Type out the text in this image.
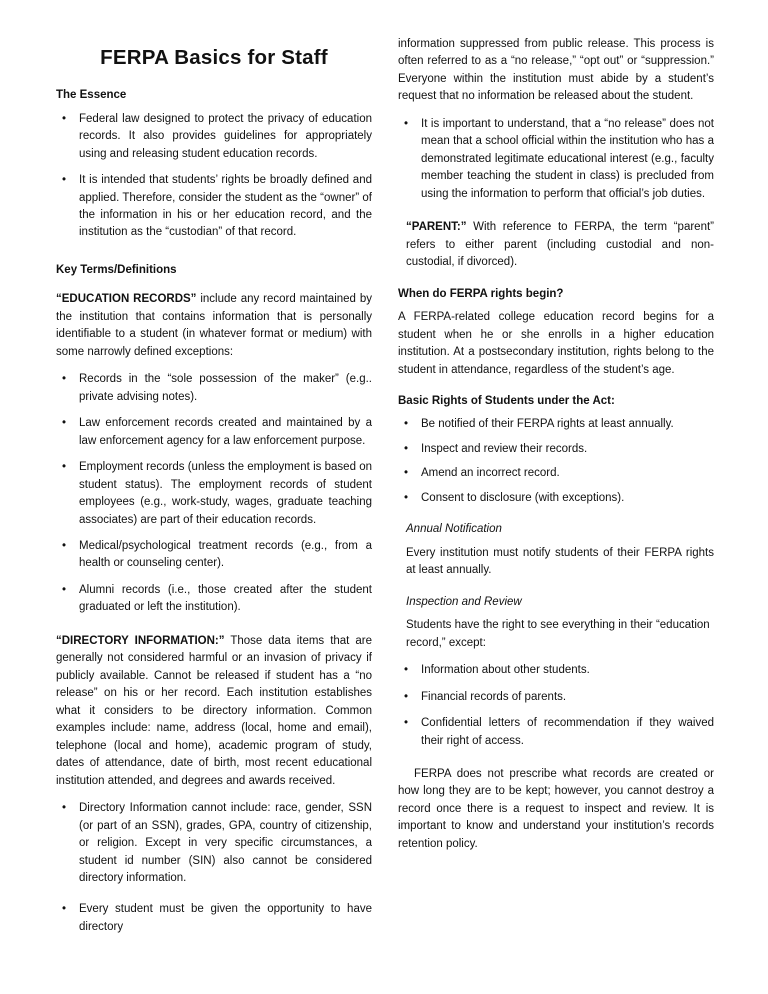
FERPA Basics for Staff
The Essence
• Federal law designed to protect the privacy of education records. It also provides guidelines for appropriately using and releasing student education records.
• It is intended that students’ rights be broadly defined and applied. Therefore, consider the student as the “owner” of the information in his or her education record, and the institution as the “custodian” of that record.
Key Terms/Definitions

“EDUCATION RECORDS” include any record maintained by the institution that contains information that is personally identifiable to a student (in whatever format or medium) with some narrowly defined exceptions:

• Records in the “sole possession of the maker” (e.g.. private advising notes).
• Law enforcement records created and maintained by a law enforcement agency for a law enforcement purpose.
• Employment records (unless the employment is based on student status). The employment records of student employees (e.g., work-study, wages, graduate teaching associates) are part of their education records.
• Medical/psychological treatment records (e.g., from a health or counseling center).
• Alumni records (i.e., those created after the student graduated or left the institution).

“DIRECTORY INFORMATION:” Those data items that are generally not considered harmful or an invasion of privacy if publicly available. Cannot be released if student has a “no release” on his or her record. Each institution establishes what it considers to be directory information. Common examples include: name, address (local, home and email), telephone (local and home), academic program of study, dates of attendance, date of birth, most recent educational institution attended, and degrees and awards received.

• Directory Information cannot include: race, gender, SSN (or part of an SSN), grades, GPA, country of citizenship, or religion. Except in very specific circumstances, a student id number (SIN) also cannot be considered directory information.
• Every student must be given the opportunity to have directory

information suppressed from public release. This process is often referred to as a “no release,” “opt out” or “suppression.” Everyone within the institution must abide by a student’s request that no information be released about the student.

• It is important to understand, that a “no release” does not mean that a school official within the institution who has a demonstrated legitimate educational interest (e.g., faculty member teaching the student in class) is precluded from using the information to perform that official’s job duties.

“PARENT:” With reference to FERPA, the term “parent” refers to either parent (including custodial and non-custodial, if divorced).

When do FERPA rights begin?

A FERPA-related college education record begins for a student when he or she enrolls in a higher education institution. At a postsecondary institution, rights belong to the student in attendance, regardless of the student’s age.

Basic Rights of Students under the Act:
• Be notified of their FERPA rights at least annually.
• Inspect and review their records.
• Amend an incorrect record.
• Consent to disclosure (with exceptions).
Annual Notification

Every institution must notify students of their FERPA rights at least annually.

Inspection and Review

Students have the right to see everything in their “education record,” except:

• Information about other students.
• Financial records of parents.
• Confidential letters of recommendation if they waived their right of access.

FERPA does not prescribe what records are created or how long they are to be kept; however, you cannot destroy a record once there is a request to inspect and review. It is important to know and understand your institution’s records retention policy.
